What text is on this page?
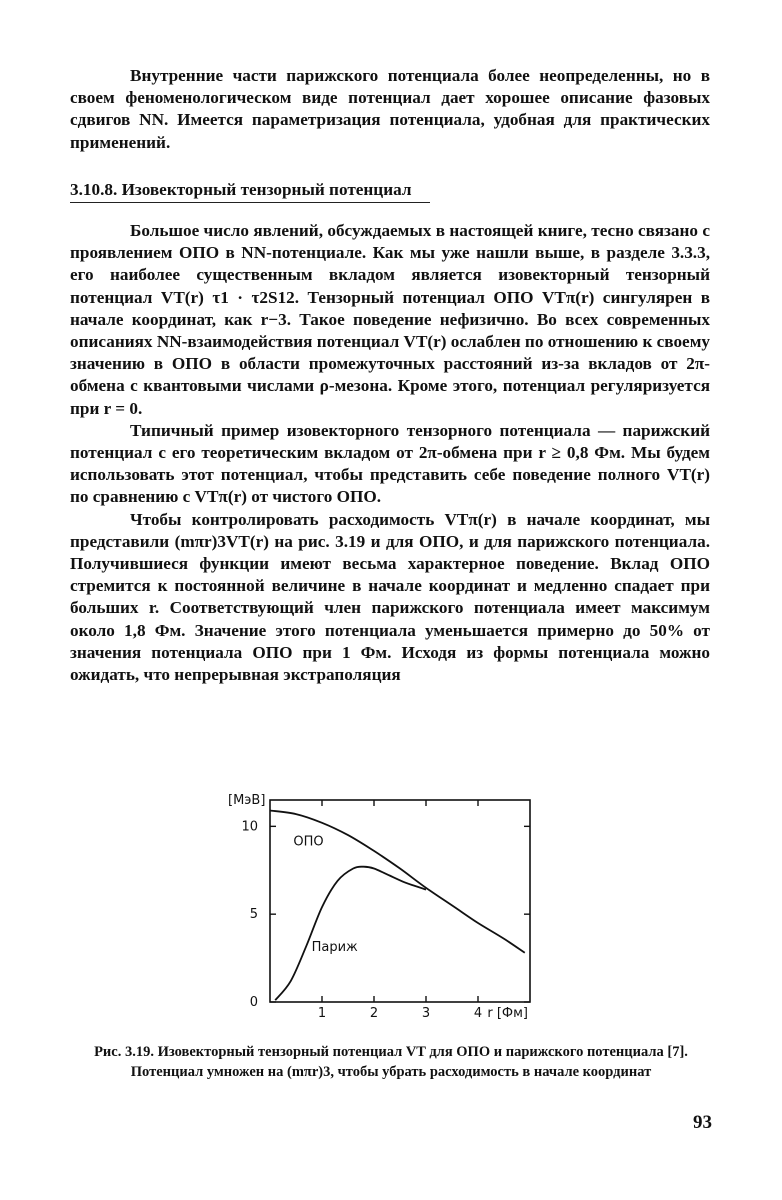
Внутренние части парижского потенциала более неопределенны, но в своем феноменологическом виде потенциал дает хорошее описание фазовых сдвигов NN. Имеется параметризация потенциала, удобная для практических применений.

3.10.8. Изовекторный тензорный потенциал

Большое число явлений, обсуждаемых в настоящей книге, тесно связано с проявлением ОПО в NN-потенциале. Как мы уже нашли выше, в разделе 3.3.3, его наиболее существенным вкладом является изовекторный тензорный потенциал VT(r) τ1 · τ2S12. Тензорный потенциал ОПО VTπ(r) сингулярен в начале координат, как r−3. Такое поведение нефизично. Во всех современных описаниях NN-взаимодействия потенциал VT(r) ослаблен по отношению к своему значению в ОПО в области промежуточных расстояний из-за вкладов от 2π-обмена с квантовыми числами ρ-мезона. Кроме этого, потенциал регуляризуется при r = 0.

Типичный пример изовекторного тензорного потенциала — парижский потенциал с его теоретическим вкладом от 2π-обмена при r ≥ 0,8 Фм. Мы будем использовать этот потенциал, чтобы представить себе поведение полного VT(r) по сравнению с VTπ(r) от чистого ОПО.

Чтобы контролировать расходимость VTπ(r) в начале координат, мы представили (mπr)3VT(r) на рис. 3.19 и для ОПО, и для парижского потенциала. Получившиеся функции имеют весьма характерное поведение. Вклад ОПО стремится к постоянной величине в начале координат и медленно спадает при больших r. Соответствующий член парижского потенциала имеет максимум около 1,8 Фм. Значение этого потенциала уменьшается примерно до 50% от значения потенциала ОПО при 1 Фм. Исходя из формы потенциала можно ожидать, что непрерывная экстраполяция

1	2	3	4
0
5
10
[МэВ]
r [Фм]
ОПО
Париж
Рис. 3.19. Изовекторный тензорный потенциал VT для ОПО и парижского потенциала [7]. Потенциал умножен на (mπr)3, чтобы убрать расходимость в начале координат
93
